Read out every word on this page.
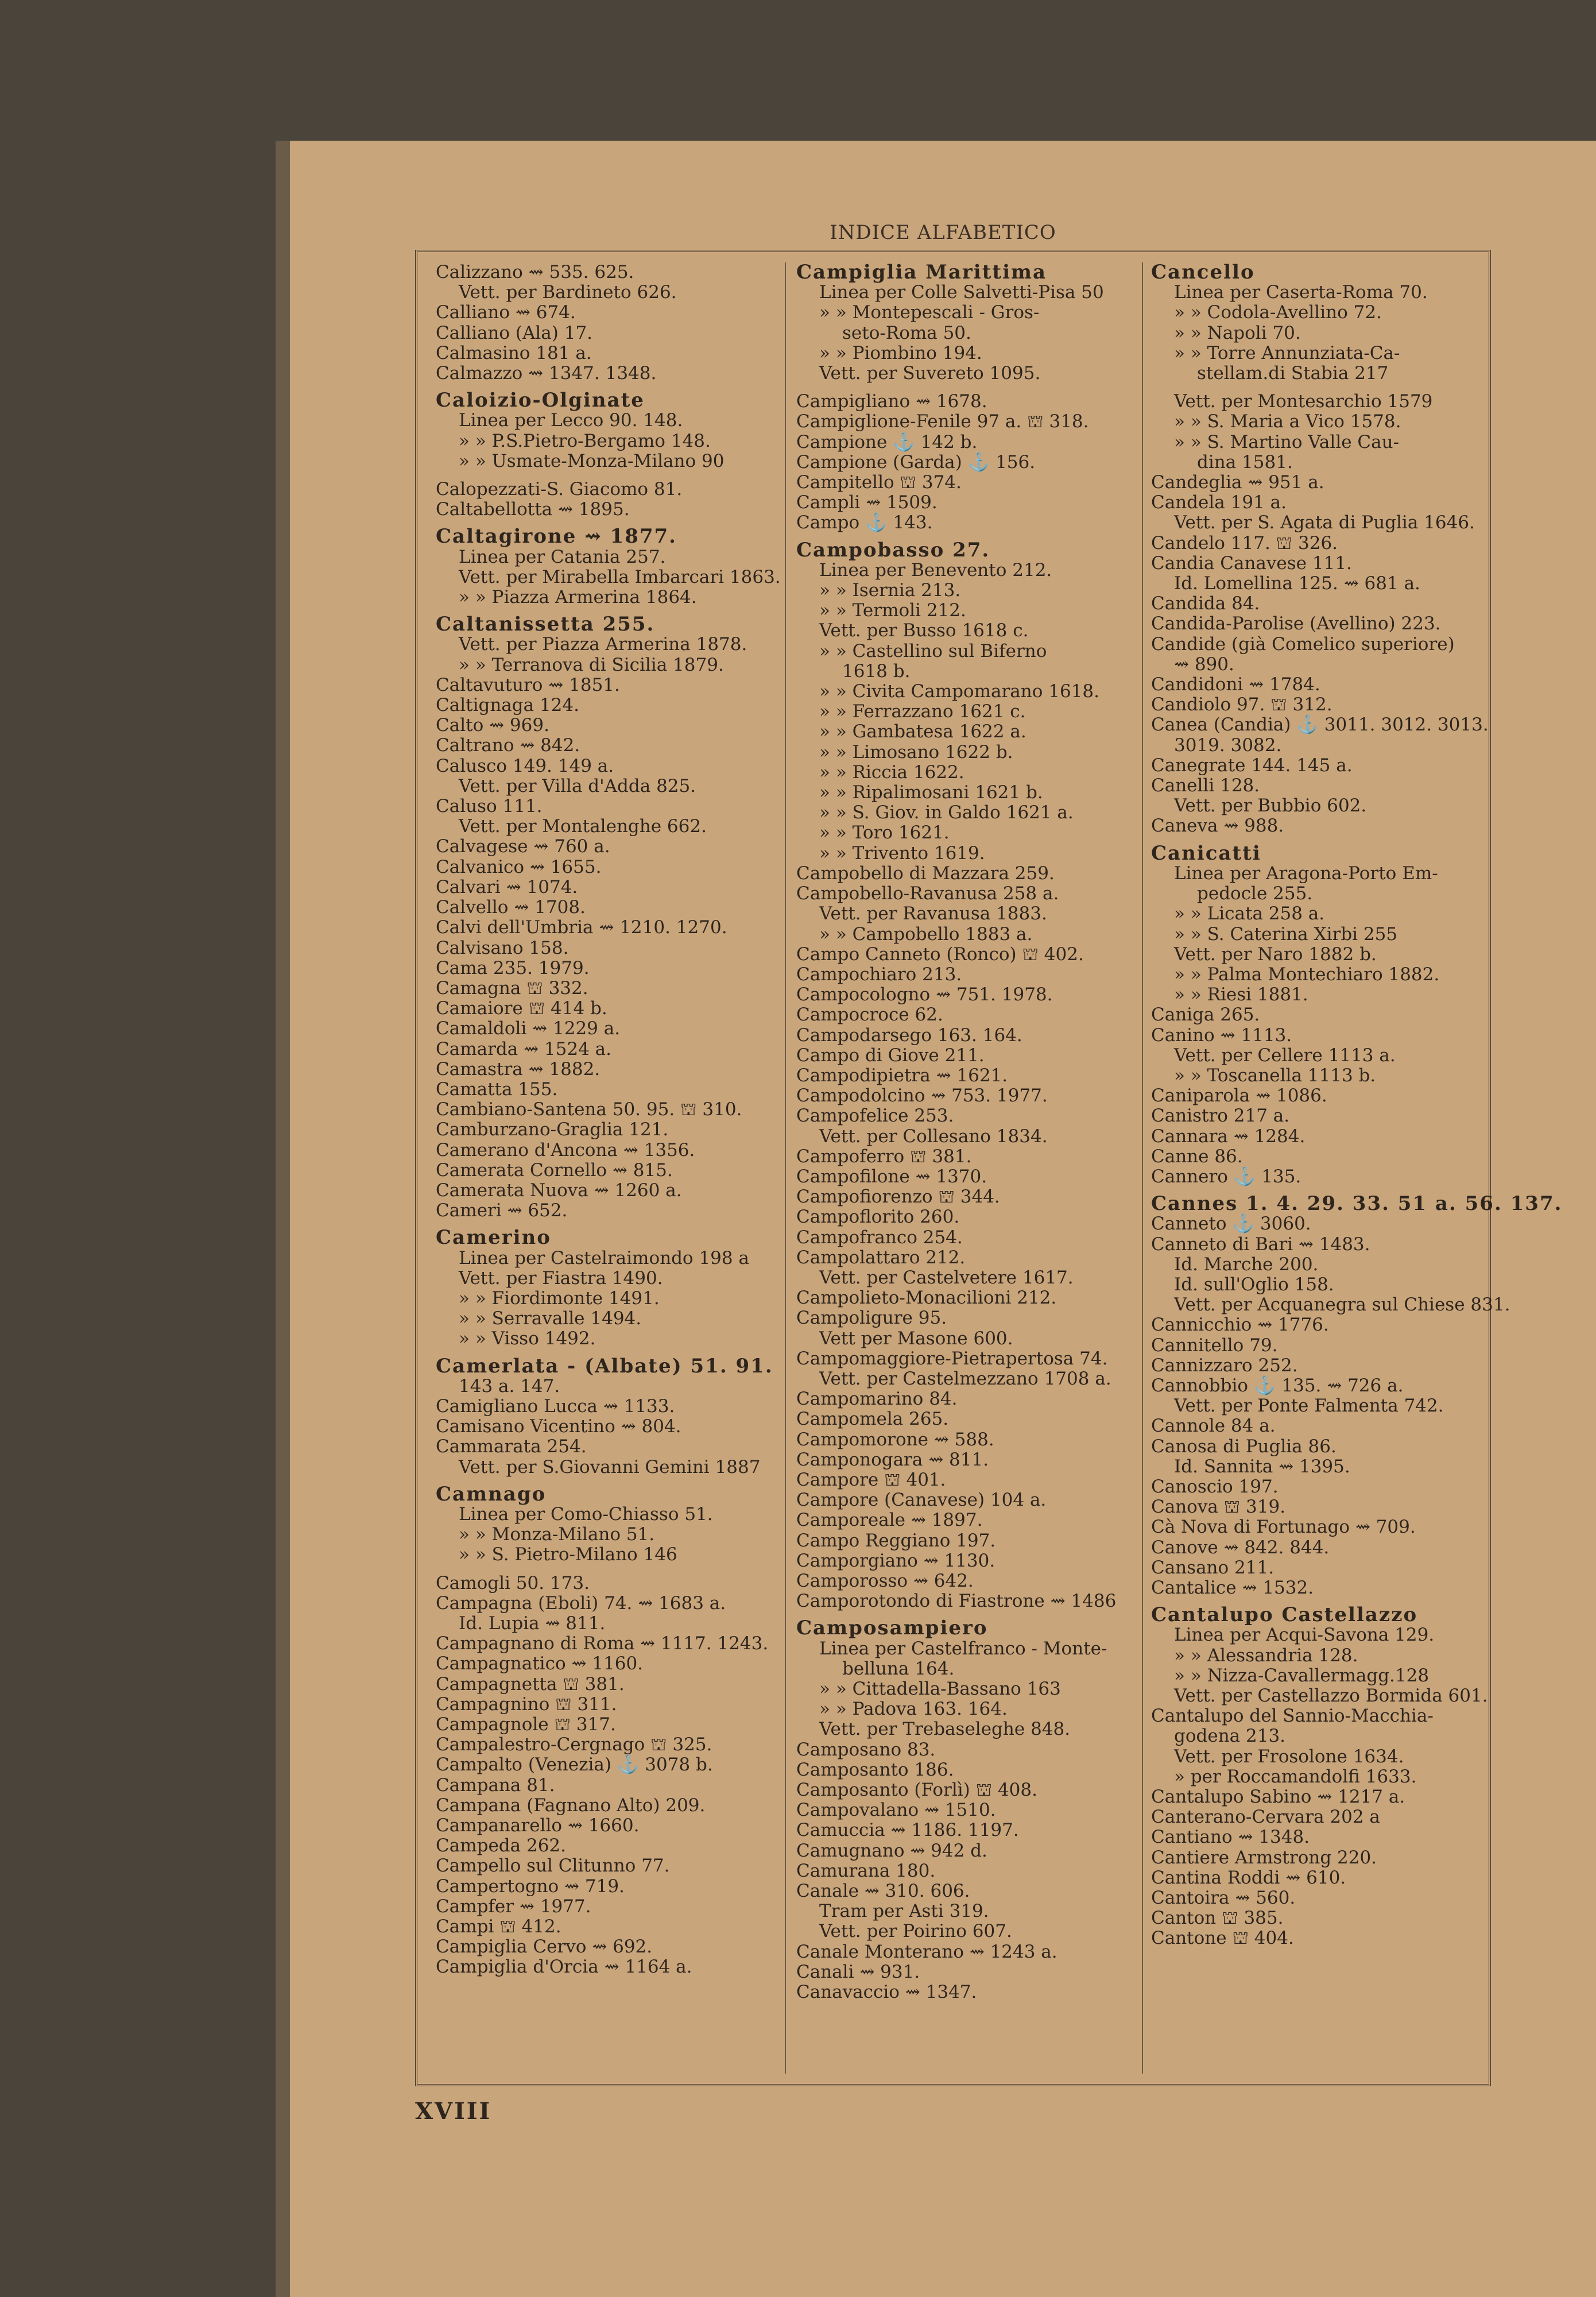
INDICE ALFABETICO
Calizzano ⇝ 535. 625.
Vett. per Bardineto 626.
Calliano ⇝ 674.
Calliano (Ala) 17.
Calmasino 181 a.
Calmazzo ⇝ 1347. 1348.
Caloizio-Olginate
Linea per Lecco 90. 148.
» » P.S.Pietro-Bergamo 148.
» » Usmate-Monza-Milano 90
Calopezzati-S. Giacomo 81.
Caltabellotta ⇝ 1895.
Caltagirone ⇝ 1877.
Linea per Catania 257.
Vett. per Mirabella Imbarcari 1863.
» » Piazza Armerina 1864.
Caltanissetta 255.
Vett. per Piazza Armerina 1878.
» » Terranova di Sicilia 1879.
Caltavuturo ⇝ 1851.
Caltignaga 124.
Calto ⇝ 969.
Caltrano ⇝ 842.
Calusco 149. 149 a.
Vett. per Villa d'Adda 825.
Caluso 111.
Vett. per Montalenghe 662.
Calvagese ⇝ 760 a.
Calvanico ⇝ 1655.
Calvari ⇝ 1074.
Calvello ⇝ 1708.
Calvi dell'Umbria ⇝ 1210. 1270.
Calvisano 158.
Cama 235. 1979.
Camagna ⛫ 332.
Camaiore ⛫ 414 b.
Camaldoli ⇝ 1229 a.
Camarda ⇝ 1524 a.
Camastra ⇝ 1882.
Camatta 155.
Cambiano-Santena 50. 95. ⛫ 310.
Camburzano-Graglia 121.
Camerano d'Ancona ⇝ 1356.
Camerata Cornello ⇝ 815.
Camerata Nuova ⇝ 1260 a.
Cameri ⇝ 652.
Camerino
Linea per Castelraimondo 198 a
Vett. per Fiastra 1490.
» » Fiordimonte 1491.
» » Serravalle 1494.
» » Visso 1492.
Camerlata - (Albate) 51. 91.
143 a. 147.
Camigliano Lucca ⇝ 1133.
Camisano Vicentino ⇝ 804.
Cammarata 254.
Vett. per S.Giovanni Gemini 1887
Camnago
Linea per Como-Chiasso 51.
» » Monza-Milano 51.
» » S. Pietro-Milano 146
Camogli 50. 173.
Campagna (Eboli) 74. ⇝ 1683 a.
Id. Lupia ⇝ 811.
Campagnano di Roma ⇝ 1117. 1243.
Campagnatico ⇝ 1160.
Campagnetta ⛫ 381.
Campagnino ⛫ 311.
Campagnole ⛫ 317.
Campalestro-Cergnago ⛫ 325.
Campalto (Venezia) ⚓ 3078 b.
Campana 81.
Campana (Fagnano Alto) 209.
Campanarello ⇝ 1660.
Campeda 262.
Campello sul Clitunno 77.
Campertogno ⇝ 719.
Campfer ⇝ 1977.
Campi ⛫ 412.
Campiglia Cervo ⇝ 692.
Campiglia d'Orcia ⇝ 1164 a.
Campiglia Marittima
Linea per Colle Salvetti-Pisa 50
» » Montepescali - Gros-
seto-Roma 50.
» » Piombino 194.
Vett. per Suvereto 1095.
Campigliano ⇝ 1678.
Campiglione-Fenile 97 a. ⛫ 318.
Campione ⚓ 142 b.
Campione (Garda) ⚓ 156.
Campitello ⛫ 374.
Campli ⇝ 1509.
Campo ⚓ 143.
Campobasso 27.
Linea per Benevento 212.
» » Isernia 213.
» » Termoli 212.
Vett. per Busso 1618 c.
» » Castellino sul Biferno
1618 b.
» » Civita Campomarano 1618.
» » Ferrazzano 1621 c.
» » Gambatesa 1622 a.
» » Limosano 1622 b.
» » Riccia 1622.
» » Ripalimosani 1621 b.
» » S. Giov. in Galdo 1621 a.
» » Toro 1621.
» » Trivento 1619.
Campobello di Mazzara 259.
Campobello-Ravanusa 258 a.
Vett. per Ravanusa 1883.
» » Campobello 1883 a.
Campo Canneto (Ronco) ⛫ 402.
Campochiaro 213.
Campocologno ⇝ 751. 1978.
Campocroce 62.
Campodarsego 163. 164.
Campo di Giove 211.
Campodipietra ⇝ 1621.
Campodolcino ⇝ 753. 1977.
Campofelice 253.
Vett. per Collesano 1834.
Campoferro ⛫ 381.
Campofilone ⇝ 1370.
Campofiorenzo ⛫ 344.
Campoflorito 260.
Campofranco 254.
Campolattaro 212.
Vett. per Castelvetere 1617.
Campolieto-Monacilioni 212.
Campoligure 95.
Vett per Masone 600.
Campomaggiore-Pietrapertosa 74.
Vett. per Castelmezzano 1708 a.
Campomarino 84.
Campomela 265.
Campomorone ⇝ 588.
Camponogara ⇝ 811.
Campore ⛫ 401.
Campore (Canavese) 104 a.
Camporeale ⇝ 1897.
Campo Reggiano 197.
Camporgiano ⇝ 1130.
Camporosso ⇝ 642.
Camporotondo di Fiastrone ⇝ 1486
Camposampiero
Linea per Castelfranco - Monte-
belluna 164.
» » Cittadella-Bassano 163
» » Padova 163. 164.
Vett. per Trebaseleghe 848.
Camposano 83.
Camposanto 186.
Camposanto (Forlì) ⛫ 408.
Campovalano ⇝ 1510.
Camuccia ⇝ 1186. 1197.
Camugnano ⇝ 942 d.
Camurana 180.
Canale ⇝ 310. 606.
Tram per Asti 319.
Vett. per Poirino 607.
Canale Monterano ⇝ 1243 a.
Canali ⇝ 931.
Canavaccio ⇝ 1347.
Cancello
Linea per Caserta-Roma 70.
» » Codola-Avellino 72.
» » Napoli 70.
» » Torre Annunziata-Ca-
stellam.di Stabia 217
Vett. per Montesarchio 1579
» » S. Maria a Vico 1578.
» » S. Martino Valle Cau-
dina 1581.
Candeglia ⇝ 951 a.
Candela 191 a.
Vett. per S. Agata di Puglia 1646.
Candelo 117. ⛫ 326.
Candia Canavese 111.
Id. Lomellina 125. ⇝ 681 a.
Candida 84.
Candida-Parolise (Avellino) 223.
Candide (già Comelico superiore)
⇝ 890.
Candidoni ⇝ 1784.
Candiolo 97. ⛫ 312.
Canea (Candia) ⚓ 3011. 3012. 3013.
3019. 3082.
Canegrate 144. 145 a.
Canelli 128.
Vett. per Bubbio 602.
Caneva ⇝ 988.
Canicatti
Linea per Aragona-Porto Em-
pedocle 255.
» » Licata 258 a.
» » S. Caterina Xirbi 255
Vett. per Naro 1882 b.
» » Palma Montechiaro 1882.
» » Riesi 1881.
Caniga 265.
Canino ⇝ 1113.
Vett. per Cellere 1113 a.
» » Toscanella 1113 b.
Caniparola ⇝ 1086.
Canistro 217 a.
Cannara ⇝ 1284.
Canne 86.
Cannero ⚓ 135.
Cannes 1. 4. 29. 33. 51 a. 56. 137.
Canneto ⚓ 3060.
Canneto di Bari ⇝ 1483.
Id. Marche 200.
Id. sull'Oglio 158.
Vett. per Acquanegra sul Chiese 831.
Cannicchio ⇝ 1776.
Cannitello 79.
Cannizzaro 252.
Cannobbio ⚓ 135. ⇝ 726 a.
Vett. per Ponte Falmenta 742.
Cannole 84 a.
Canosa di Puglia 86.
Id. Sannita ⇝ 1395.
Canoscio 197.
Canova ⛫ 319.
Cà Nova di Fortunago ⇝ 709.
Canove ⇝ 842. 844.
Cansano 211.
Cantalice ⇝ 1532.
Cantalupo Castellazzo
Linea per Acqui-Savona 129.
» » Alessandria 128.
» » Nizza-Cavallermagg.128
Vett. per Castellazzo Bormida 601.
Cantalupo del Sannio-Macchia-
godena 213.
Vett. per Frosolone 1634.
» per Roccamandolfi 1633.
Cantalupo Sabino ⇝ 1217 a.
Canterano-Cervara 202 a
Cantiano ⇝ 1348.
Cantiere Armstrong 220.
Cantina Roddi ⇝ 610.
Cantoira ⇝ 560.
Canton ⛫ 385.
Cantone ⛫ 404.
XVIII
